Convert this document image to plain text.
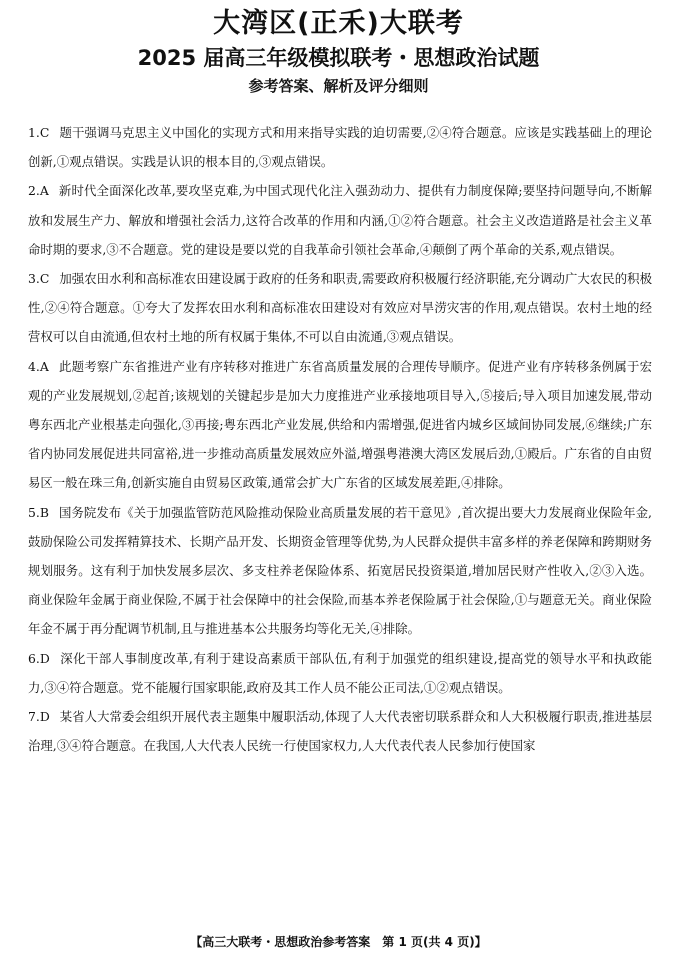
大湾区(正禾)大联考
2025 届高三年级模拟联考・思想政治试题
参考答案、解析及评分细则

1.C 题干强调马克思主义中国化的实现方式和用来指导实践的迫切需要,②④符合题意。应该是实践基础上的理论创新,①观点错误。实践是认识的根本目的,③观点错误。

2.A 新时代全面深化改革,要攻坚克难,为中国式现代化注入强劲动力、提供有力制度保障;要坚持问题导向,不断解放和发展生产力、解放和增强社会活力,这符合改革的作用和内涵,①②符合题意。社会主义改造道路是社会主义革命时期的要求,③不合题意。党的建设是要以党的自我革命引领社会革命,④颠倒了两个革命的关系,观点错误。

3.C 加强农田水利和高标准农田建设属于政府的任务和职责,需要政府积极履行经济职能,充分调动广大农民的积极性,②④符合题意。①夸大了发挥农田水利和高标准农田建设对有效应对旱涝灾害的作用,观点错误。农村土地的经营权可以自由流通,但农村土地的所有权属于集体,不可以自由流通,③观点错误。

4.A 此题考察广东省推进产业有序转移对推进广东省高质量发展的合理传导顺序。促进产业有序转移条例属于宏观的产业发展规划,②起首;该规划的关键起步是加大力度推进产业承接地项目导入,⑤接后;导入项目加速发展,带动粤东西北产业根基走向强化,③再接;粤东西北产业发展,供给和内需增强,促进省内城乡区域间协同发展,⑥继续;广东省内协同发展促进共同富裕,进一步推动高质量发展效应外溢,增强粤港澳大湾区发展后劲,①殿后。广东省的自由贸易区一般在珠三角,创新实施自由贸易区政策,通常会扩大广东省的区域发展差距,④排除。

5.B 国务院发布《关于加强监管防范风险推动保险业高质量发展的若干意见》,首次提出要大力发展商业保险年金,鼓励保险公司发挥精算技术、长期产品开发、长期资金管理等优势,为人民群众提供丰富多样的养老保障和跨期财务规划服务。这有利于加快发展多层次、多支柱养老保险体系、拓宽居民投资渠道,增加居民财产性收入,②③入选。商业保险年金属于商业保险,不属于社会保障中的社会保险,而基本养老保险属于社会保险,①与题意无关。商业保险年金不属于再分配调节机制,且与推进基本公共服务均等化无关,④排除。

6.D 深化干部人事制度改革,有利于建设高素质干部队伍,有利于加强党的组织建设,提高党的领导水平和执政能力,③④符合题意。党不能履行国家职能,政府及其工作人员不能公正司法,①②观点错误。

7.D 某省人大常委会组织开展代表主题集中履职活动,体现了人大代表密切联系群众和人大积极履行职责,推进基层治理,③④符合题意。在我国,人大代表人民统一行使国家权力,人大代表代表人民参加行使国家

【高三大联考・思想政治参考答案　第 1 页(共 4 页)】
